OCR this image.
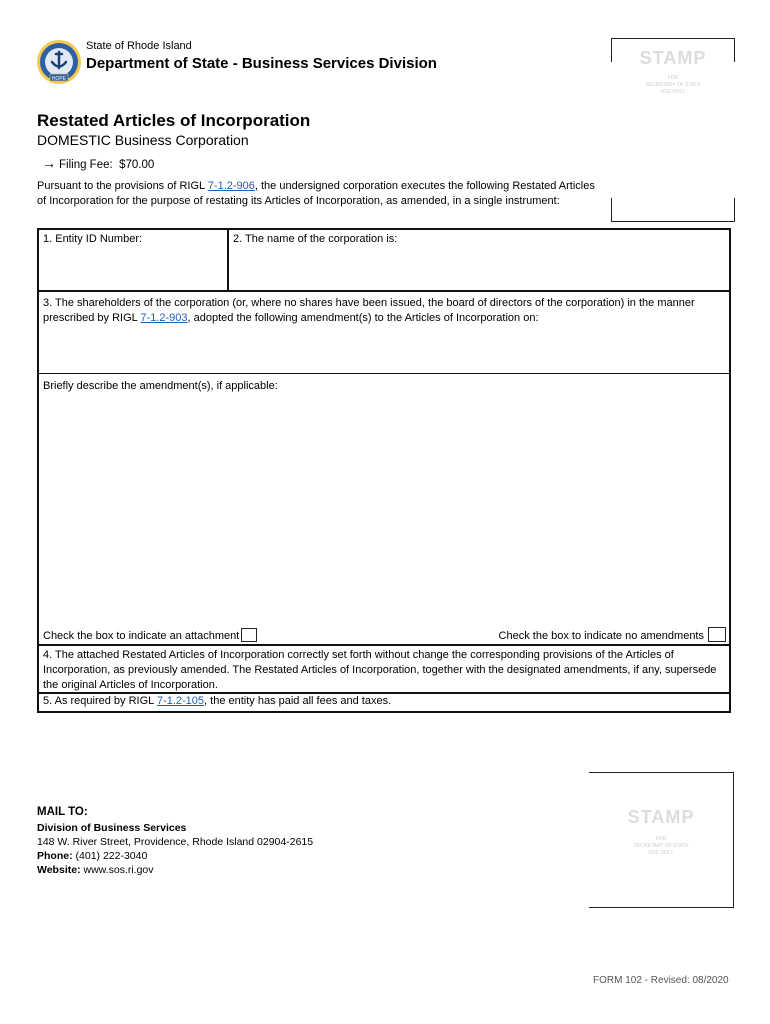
HOPE
State of Rhode Island
Department of State - Business Services Division	STAMP
FOR
SECRETARY OF STATE
USE ONLY
Restated Articles of Incorporation
DOMESTIC Business Corporation
→ Filing Fee: $70.00
Pursuant to the provisions of RIGL 7-1.2-906, the undersigned corporation executes the following Restated Articles of Incorporation for the purpose of restating its Articles of Incorporation, as amended, in a single instrument:
1. Entity ID Number:	2. The name of the corporation is:
3. The shareholders of the corporation (or, where no shares have been issued, the board of directors of the corporation) in the manner prescribed by RIGL 7-1.2-903, adopted the following amendment(s) to the Articles of Incorporation on:
Briefly describe the amendment(s), if applicable:
Check the box to indicate an attachment	Check the box to indicate no amendments
4. The attached Restated Articles of Incorporation correctly set forth without change the corresponding provisions of the Articles of Incorporation, as previously amended. The Restated Articles of Incorporation, together with the designated amendments, if any, supersede the original Articles of Incorporation.
5. As required by RIGL 7-1.2-105, the entity has paid all fees and taxes.
MAIL TO:
Division of Business Services
148 W. River Street, Providence, Rhode Island 02904-2615
Phone: (401) 222-3040
Website: www.sos.ri.gov
STAMP
FOR
SECRETARY OF STATE
USE ONLY
FORM 102 - Revised: 08/2020
